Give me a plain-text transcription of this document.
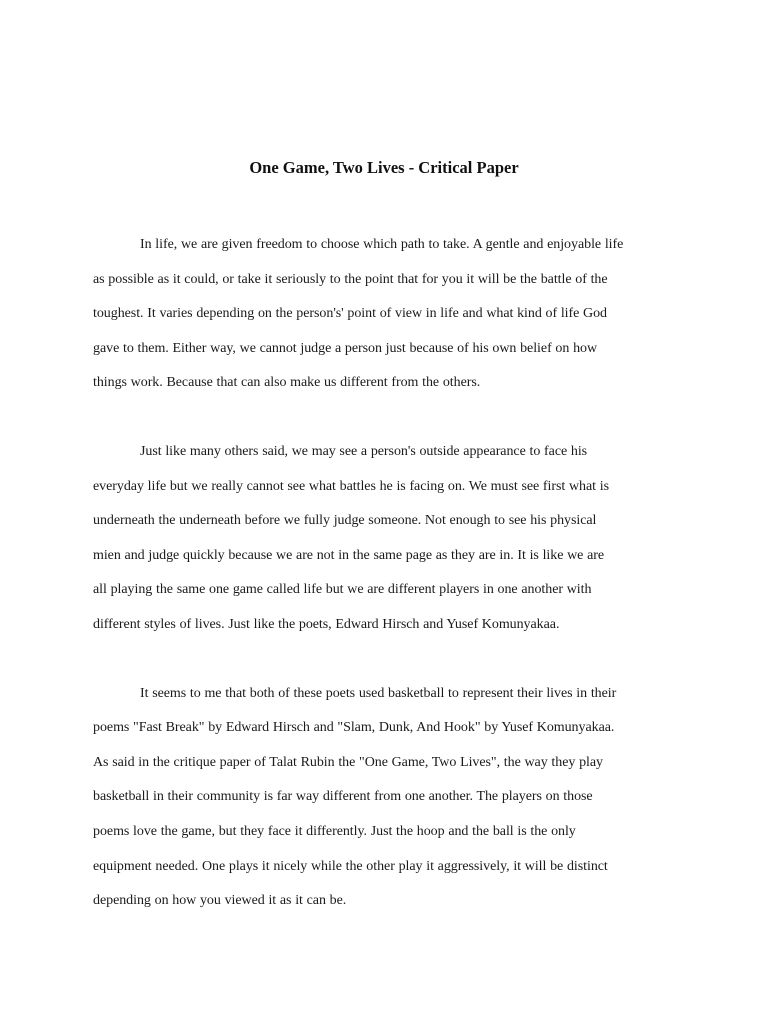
One Game, Two Lives - Critical Paper

In life, we are given freedom to choose which path to take. A gentle and enjoyable life
as possible as it could, or take it seriously to the point that for you it will be the battle of the
toughest. It varies depending on the person's' point of view in life and what kind of life God
gave to them. Either way, we cannot judge a person just because of his own belief on how
things work. Because that can also make us different from the others.

Just like many others said, we may see a person's outside appearance to face his
everyday life but we really cannot see what battles he is facing on. We must see first what is
underneath the underneath before we fully judge someone. Not enough to see his physical
mien and judge quickly because we are not in the same page as they are in. It is like we are
all playing the same one game called life but we are different players in one another with
different styles of lives. Just like the poets, Edward Hirsch and Yusef Komunyakaa.

It seems to me that both of these poets used basketball to represent their lives in their
poems "Fast Break" by Edward Hirsch and "Slam, Dunk, And Hook" by Yusef Komunyakaa.
As said in the critique paper of Talat Rubin the "One Game, Two Lives", the way they play
basketball in their community is far way different from one another. The players on those
poems love the game, but they face it differently. Just the hoop and the ball is the only
equipment needed. One plays it nicely while the other play it aggressively, it will be distinct
depending on how you viewed it as it can be.
